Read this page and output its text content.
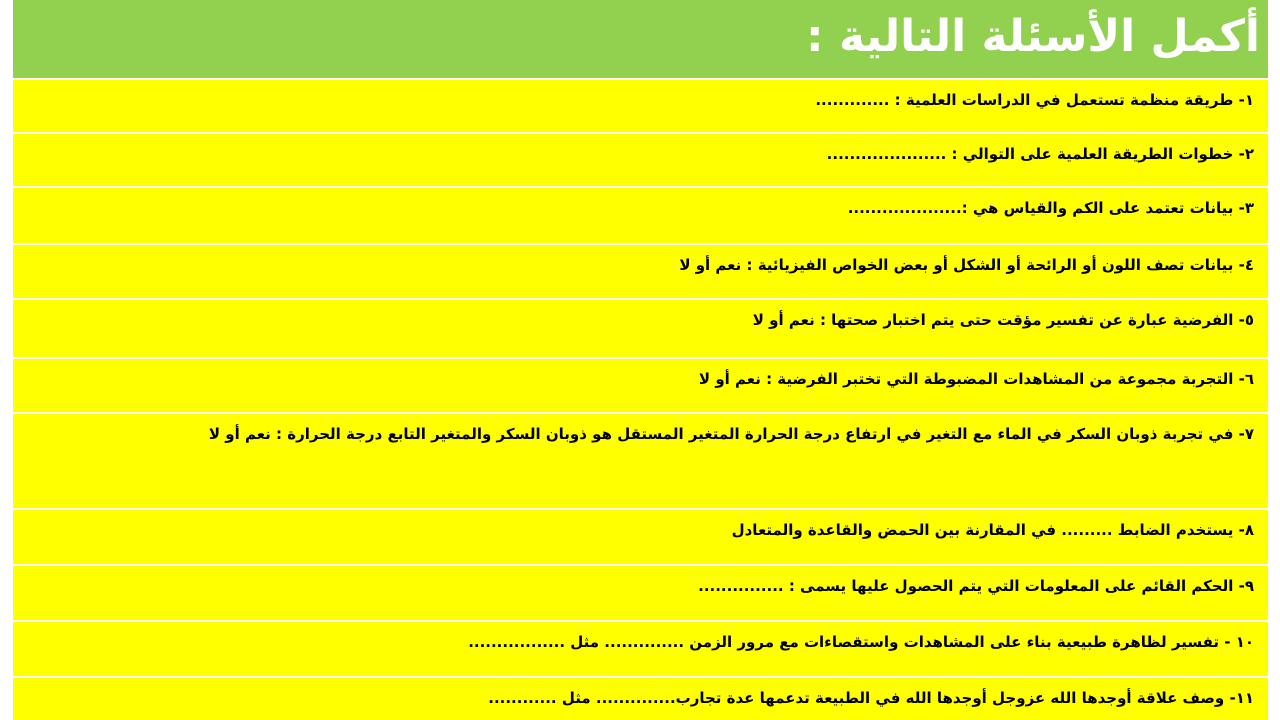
أكمل الأسئلة التالية :
١- طريقة منظمة تستعمل في الدراسات العلمية : .............
٢- خطوات الطريقة العلمية على التوالي : .....................
٣- بيانات تعتمد على الكم والقياس هي :....................
٤- بيانات تصف اللون أو الرائحة أو الشكل أو بعض الخواص الفيزيائية : نعم أو لا
٥- الفرضية عبارة عن تفسير مؤقت حتى يتم اختبار صحتها : نعم أو لا
٦- التجربة مجموعة من المشاهدات المضبوطة التي تختبر الفرضية : نعم أو لا
٧- في تجربة ذوبان السكر في الماء مع التغير في ارتفاع درجة الحرارة المتغير المستقل هو ذوبان السكر والمتغير التابع درجة الحرارة : نعم أو لا
٨- يستخدم الضابط ......... في المقارنة بين الحمض والقاعدة والمتعادل
٩- الحكم القائم على المعلومات التي يتم الحصول عليها يسمى : ...............
١٠ - تفسير لظاهرة طبيعية بناء على المشاهدات واستقصاءات مع مرور الزمن .............. مثل .................
١١- وصف علاقة أوجدها الله عزوجل أوجدها الله في الطبيعة تدعمها عدة تجارب.............. مثل ............
